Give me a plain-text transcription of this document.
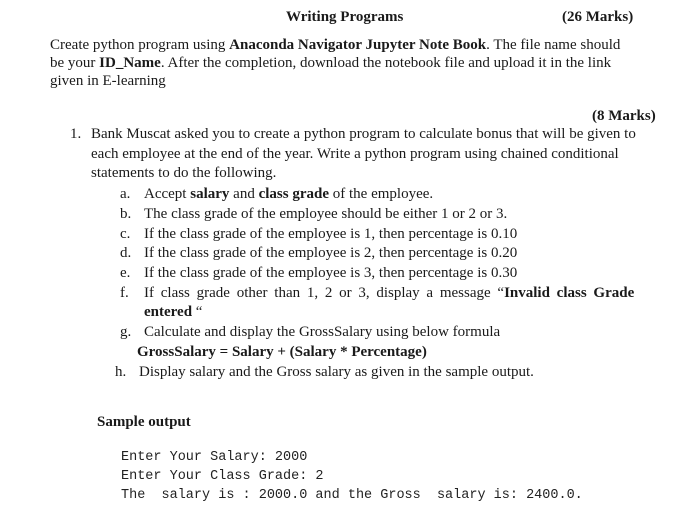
Writing Programs	(26 Marks)
Create python program using Anaconda Navigator Jupyter Note Book. The file name should
be your ID_Name. After the completion, download the notebook file and upload it in the link
given in E-learning
(8 Marks)
1. Bank Muscat asked you to create a python program to calculate bonus that will be given to
each employee at the end of the year. Write a python program using chained conditional
statements to do the following.
a. Accept salary and class grade of the employee.
b. The class grade of the employee should be either 1 or 2 or 3.
c. If the class grade of the employee is 1, then percentage is 0.10
d. If the class grade of the employee is 2, then percentage is 0.20
e. If the class grade of the employee is 3, then percentage is 0.30
f. If class grade other than 1, 2 or 3, display a message “Invalid class Grade
entered “
g. Calculate and display the GrossSalary using below formula
GrossSalary = Salary + (Salary * Percentage)
h. Display salary and the Gross salary as given in the sample output.
Sample output
Enter Your Salary: 2000
Enter Your Class Grade: 2
The  salary is : 2000.0 and the Gross  salary is: 2400.0.
